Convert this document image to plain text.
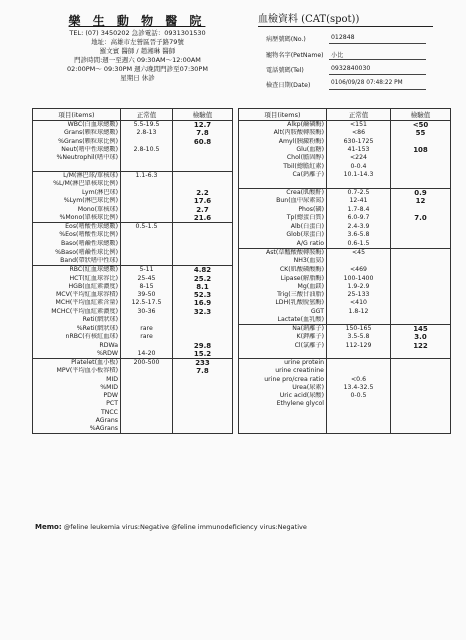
樂 生 動 物 醫 院
TEL: (07) 3450202 急診電話：0931301530
地址：高雄市左營區晉子路79號
羅文賓 醫師 / 趙湘琳 醫師
門診時間:週一至週六 09:30AM～12:00AM
02:00PM～ 09:30PM 週六晚間門診至07:30PM
星期日 休診
血檢資料 (CAT(spot))
病歷號碼(No.)	012848
寵物名字(PetName)	小比
電話號碼(Tel)	0932840030
檢查日期(Date)	0106/09/28 07:48:22 PM
項目(items)	正常值	檢驗值		項目(items)	正常值	檢驗值
WBC(白血球總數)	5.5-19.5	12.7		Alkp(鹼磷酶)	<151	<50
Grans(顆粒球總數)	2.8-13	7.8		Alt(丙胺酸轉胺酶)	<86	55
%Grans(顆粒球比例)		60.8		Amyl(胰澱粉酶)	630-1725	
Neut(嗜中性球總數)	2.8-10.5			Glu(血糖)	41-153	108
%Neutrophil(嗜中球)				Chol(膽固醇)	<224	
				Tbil(總膽紅素)	0-0.4	
L/M(淋巴球/單核球)	1.1-6.3			Ca(鈣離子)	10.1-14.3	
%L/M(淋巴單核球比例)						
Lym(淋巴球)		2.2		Crea(肌酸酐)	0.7-2.5	0.9
%Lym(淋巴球比例)		17.6		Bun(血中尿素氮)	12-41	12
Mono(單核球)		2.7		Phos(磷)	1.7-8.4	
%Mono(單核球比例)		21.6		Tp(總蛋白質)	6.0-9.7	7.0
Eos(嗜酸性球總數)	0.5-1.5			Alb(白蛋白)	2.4-3.9	
%Eos(嗜酸性球比例)				Glob(球蛋白)	3.6-5.8	
Baso(嗜鹼性球總數)				A/G ratio	0.6-1.5	
%Baso(嗜鹼性球比例)				Ast(草醯酸酸轉胺酶)	<45	
Band(帶狀嗜中性球)				NH3(血氨)		
RBC(紅血球總數)	5-11	4.82		CK(肌酸磷酸酶)	<469	
HCT(紅血球容比)	25-45	25.2		Lipase(解脂酶)	100-1400	
HGB(血紅素濃度)	8-15	8.1		Mg(血鎂)	1.9-2.9	
MCV(平均紅血球容積)	39-50	52.3		Trig(三酸甘油脂)	25-133	
MCH(平均血紅素含量)	12.5-17.5	16.9		LDH(乳酸脫氫酶)	<410	
MCHC(平均血紅素濃度)	30-36	32.3		GGT	1.8-12	
Reti(網狀球)				Lactate(血乳酸)		
%Reti(網狀球)	rare			Na(鈉離子)	150-165	145
nRBC(有核紅血球)	rare			K(鉀離子)	3.5-5.8	3.0
RDWa		29.8		Cl(氯離子)	112-129	122
%RDW	14-20	15.2				
Platelet(血小板)	200-500	233		urine protein		
MPV(平均血小板容積)		7.8		urine creatinine		
MID				urine pro/crea ratio	<0.6	
%MID				Urea(尿素)	13.4-32.5	
PDW				Uric acid(尿酸)	0-0.5	
PCT				Ethylene glycol		
TNCC						
AGrans						
%AGrans						
Memo: @feline leukemia virus:Negative @feline immunodeficiency virus:Negative
